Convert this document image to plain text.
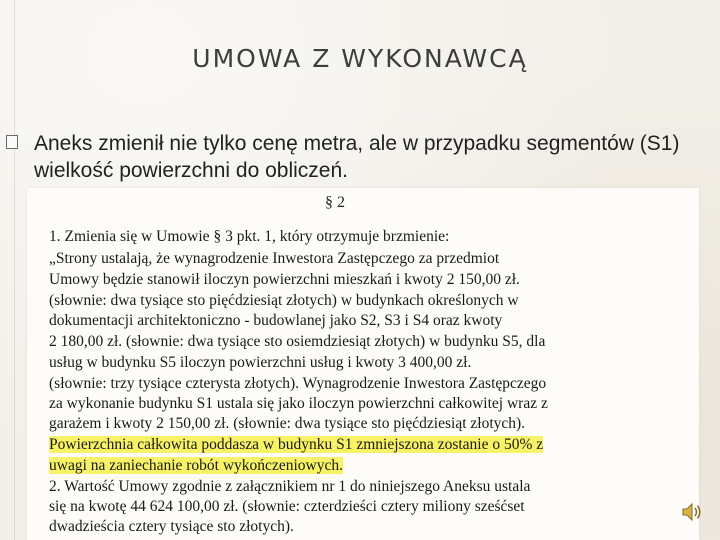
UMOWA Z WYKONAWCĄ
Aneks zmienił nie tylko cenę metra, ale w przypadku segmentów (S1) wielkość powierzchni do obliczeń.
§ 2
1. Zmienia się w Umowie § 3 pkt. 1, który otrzymuje brzmienie:
„Strony ustalają, że wynagrodzenie Inwestora Zastępczego za przedmiot
Umowy będzie stanowił iloczyn powierzchni mieszkań i kwoty 2 150,00 zł.
(słownie: dwa tysiące sto pięćdziesiąt złotych) w budynkach określonych w
dokumentacji architektoniczno - budowlanej jako S2, S3 i S4 oraz kwoty
2 180,00 zł. (słownie: dwa tysiące sto osiemdziesiąt złotych) w budynku S5, dla
usług w budynku S5 iloczyn powierzchni usług i kwoty 3 400,00 zł.
(słownie: trzy tysiące czterysta złotych). Wynagrodzenie Inwestora Zastępczego
za wykonanie budynku S1 ustala się jako iloczyn powierzchni całkowitej wraz z
garażem i kwoty 2 150,00 zł. (słownie: dwa tysiące sto pięćdziesiąt złotych).
Powierzchnia całkowita poddasza w budynku S1 zmniejszona zostanie o 50% z
uwagi na zaniechanie robót wykończeniowych.
2. Wartość Umowy zgodnie z załącznikiem nr 1 do niniejszego Aneksu ustala
się na kwotę 44 624 100,00 zł. (słownie: czterdzieści cztery miliony sześćset
dwadzieścia cztery tysiące sto złotych).
